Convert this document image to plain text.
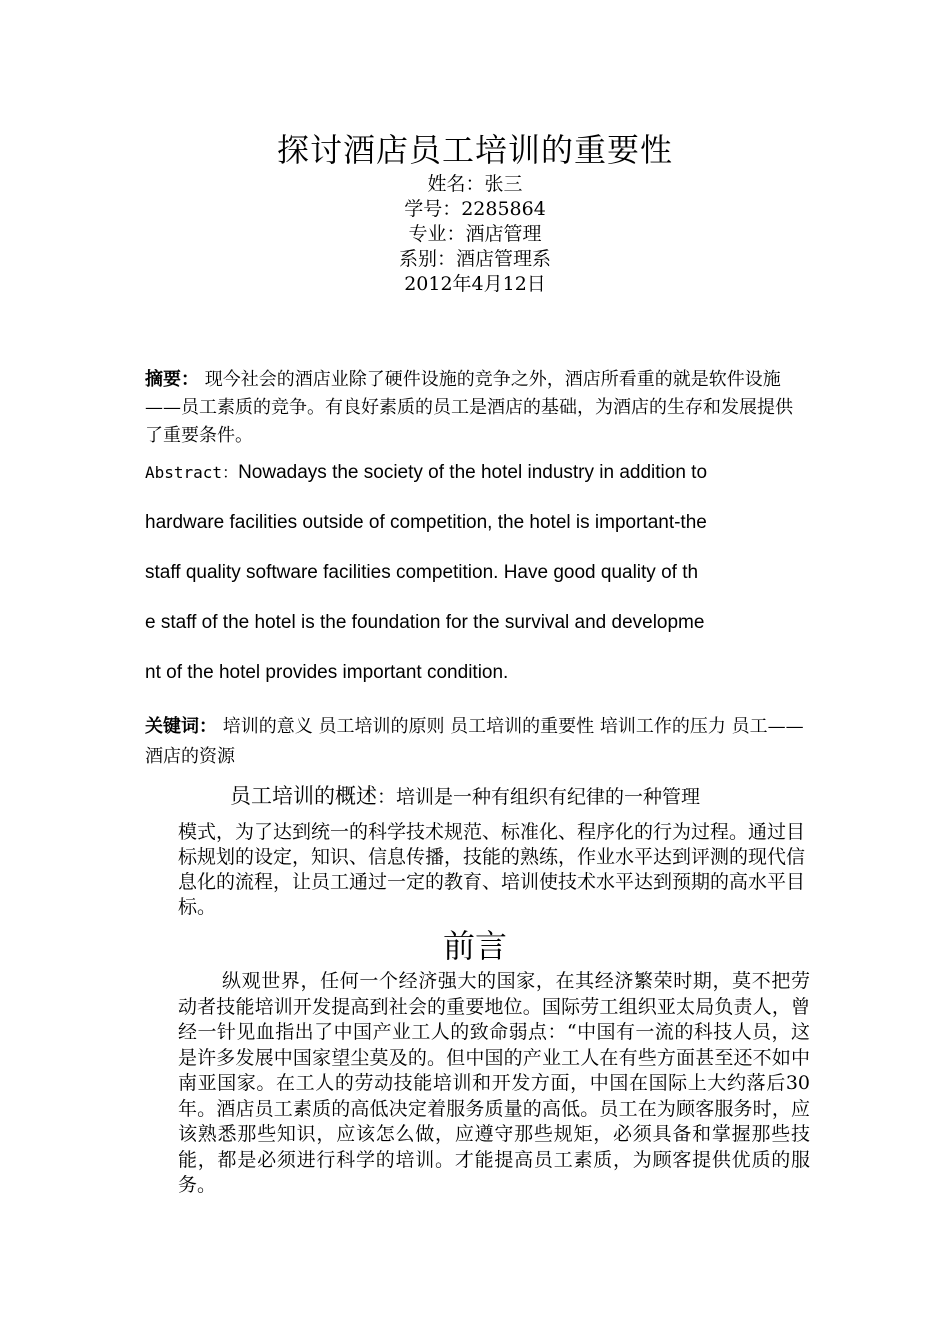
探讨酒店员工培训的重要性
姓名：张三
学号：2285864
专业：酒店管理
系别：酒店管理系
2012年4月12日
摘要： 现今社会的酒店业除了硬件设施的竞争之外，酒店所看重的就是软件设施——员工素质的竞争。有良好素质的员工是酒店的基础，为酒店的生存和发展提供了重要条件。
Abstract：Nowadays the society of the hotel industry in addition to
hardware facilities outside of competition, the hotel is important-the
staff quality software facilities competition. Have good quality of th
e staff of the hotel is the foundation for the survival and developme
nt of the hotel provides important condition.
关键词： 培训的意义 员工培训的原则 员工培训的重要性 培训工作的压力 员工——酒店的资源
员工培训的概述：培训是一种有组织有纪律的一种管理
模式，为了达到统一的科学技术规范、标准化、程序化的行为过程。通过目标规划的设定，知识、信息传播，技能的熟练，作业水平达到评测的现代信息化的流程，让员工通过一定的教育、培训使技术水平达到预期的高水平目标。
前言
纵观世界，任何一个经济强大的国家，在其经济繁荣时期，莫不把劳动者技能培训开发提高到社会的重要地位。国际劳工组织亚太局负责人，曾经一针见血指出了中国产业工人的致命弱点：“中国有一流的科技人员，这是许多发展中国家望尘莫及的。但中国的产业工人在有些方面甚至还不如中南亚国家。在工人的劳动技能培训和开发方面，中国在国际上大约落后30年。酒店员工素质的高低决定着服务质量的高低。员工在为顾客服务时，应该熟悉那些知识，应该怎么做，应遵守那些规矩，必须具备和掌握那些技能，都是必须进行科学的培训。才能提高员工素质，为顾客提供优质的服务。
